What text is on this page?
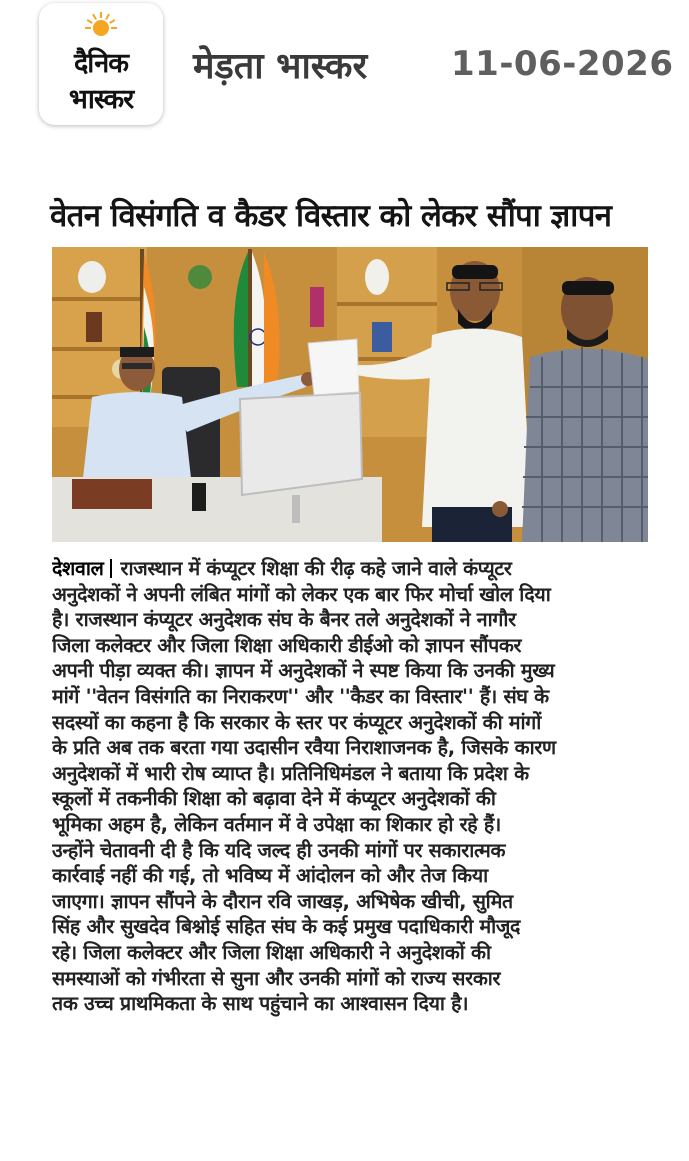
दैनिक
भास्कर
मेड़ता भास्कर 11-06-2026
वेतन विसंगति व कैडर विस्तार को लेकर सौंपा ज्ञापन
देशवाल राजस्थान में कंप्यूटर शिक्षा की रीढ़ कहे जाने वाले कंप्यूटर
अनुदेशकों ने अपनी लंबित मांगों को लेकर एक बार फिर मोर्चा खोल दिया
है। राजस्थान कंप्यूटर अनुदेशक संघ के बैनर तले अनुदेशकों ने नागौर
जिला कलेक्टर और जिला शिक्षा अधिकारी डीईओ को ज्ञापन सौंपकर
अपनी पीड़ा व्यक्त की। ज्ञापन में अनुदेशकों ने स्पष्ट किया कि उनकी मुख्य
मांगें ''वेतन विसंगति का निराकरण'' और ''कैडर का विस्तार'' हैं। संघ के
सदस्यों का कहना है कि सरकार के स्तर पर कंप्यूटर अनुदेशकों की मांगों
के प्रति अब तक बरता गया उदासीन रवैया निराशाजनक है, जिसके कारण
अनुदेशकों में भारी रोष व्याप्त है। प्रतिनिधिमंडल ने बताया कि प्रदेश के
स्कूलों में तकनीकी शिक्षा को बढ़ावा देने में कंप्यूटर अनुदेशकों की
भूमिका अहम है, लेकिन वर्तमान में वे उपेक्षा का शिकार हो रहे हैं।
उन्होंने चेतावनी दी है कि यदि जल्द ही उनकी मांगों पर सकारात्मक
कार्रवाई नहीं की गई, तो भविष्य में आंदोलन को और तेज किया
जाएगा। ज्ञापन सौंपने के दौरान रवि जाखड़, अभिषेक खीची, सुमित
सिंह और सुखदेव बिश्नोई सहित संघ के कई प्रमुख पदाधिकारी मौजूद
रहे। जिला कलेक्टर और जिला शिक्षा अधिकारी ने अनुदेशकों की
समस्याओं को गंभीरता से सुना और उनकी मांगों को राज्य सरकार
तक उच्च प्राथमिकता के साथ पहुंचाने का आश्वासन दिया है।
